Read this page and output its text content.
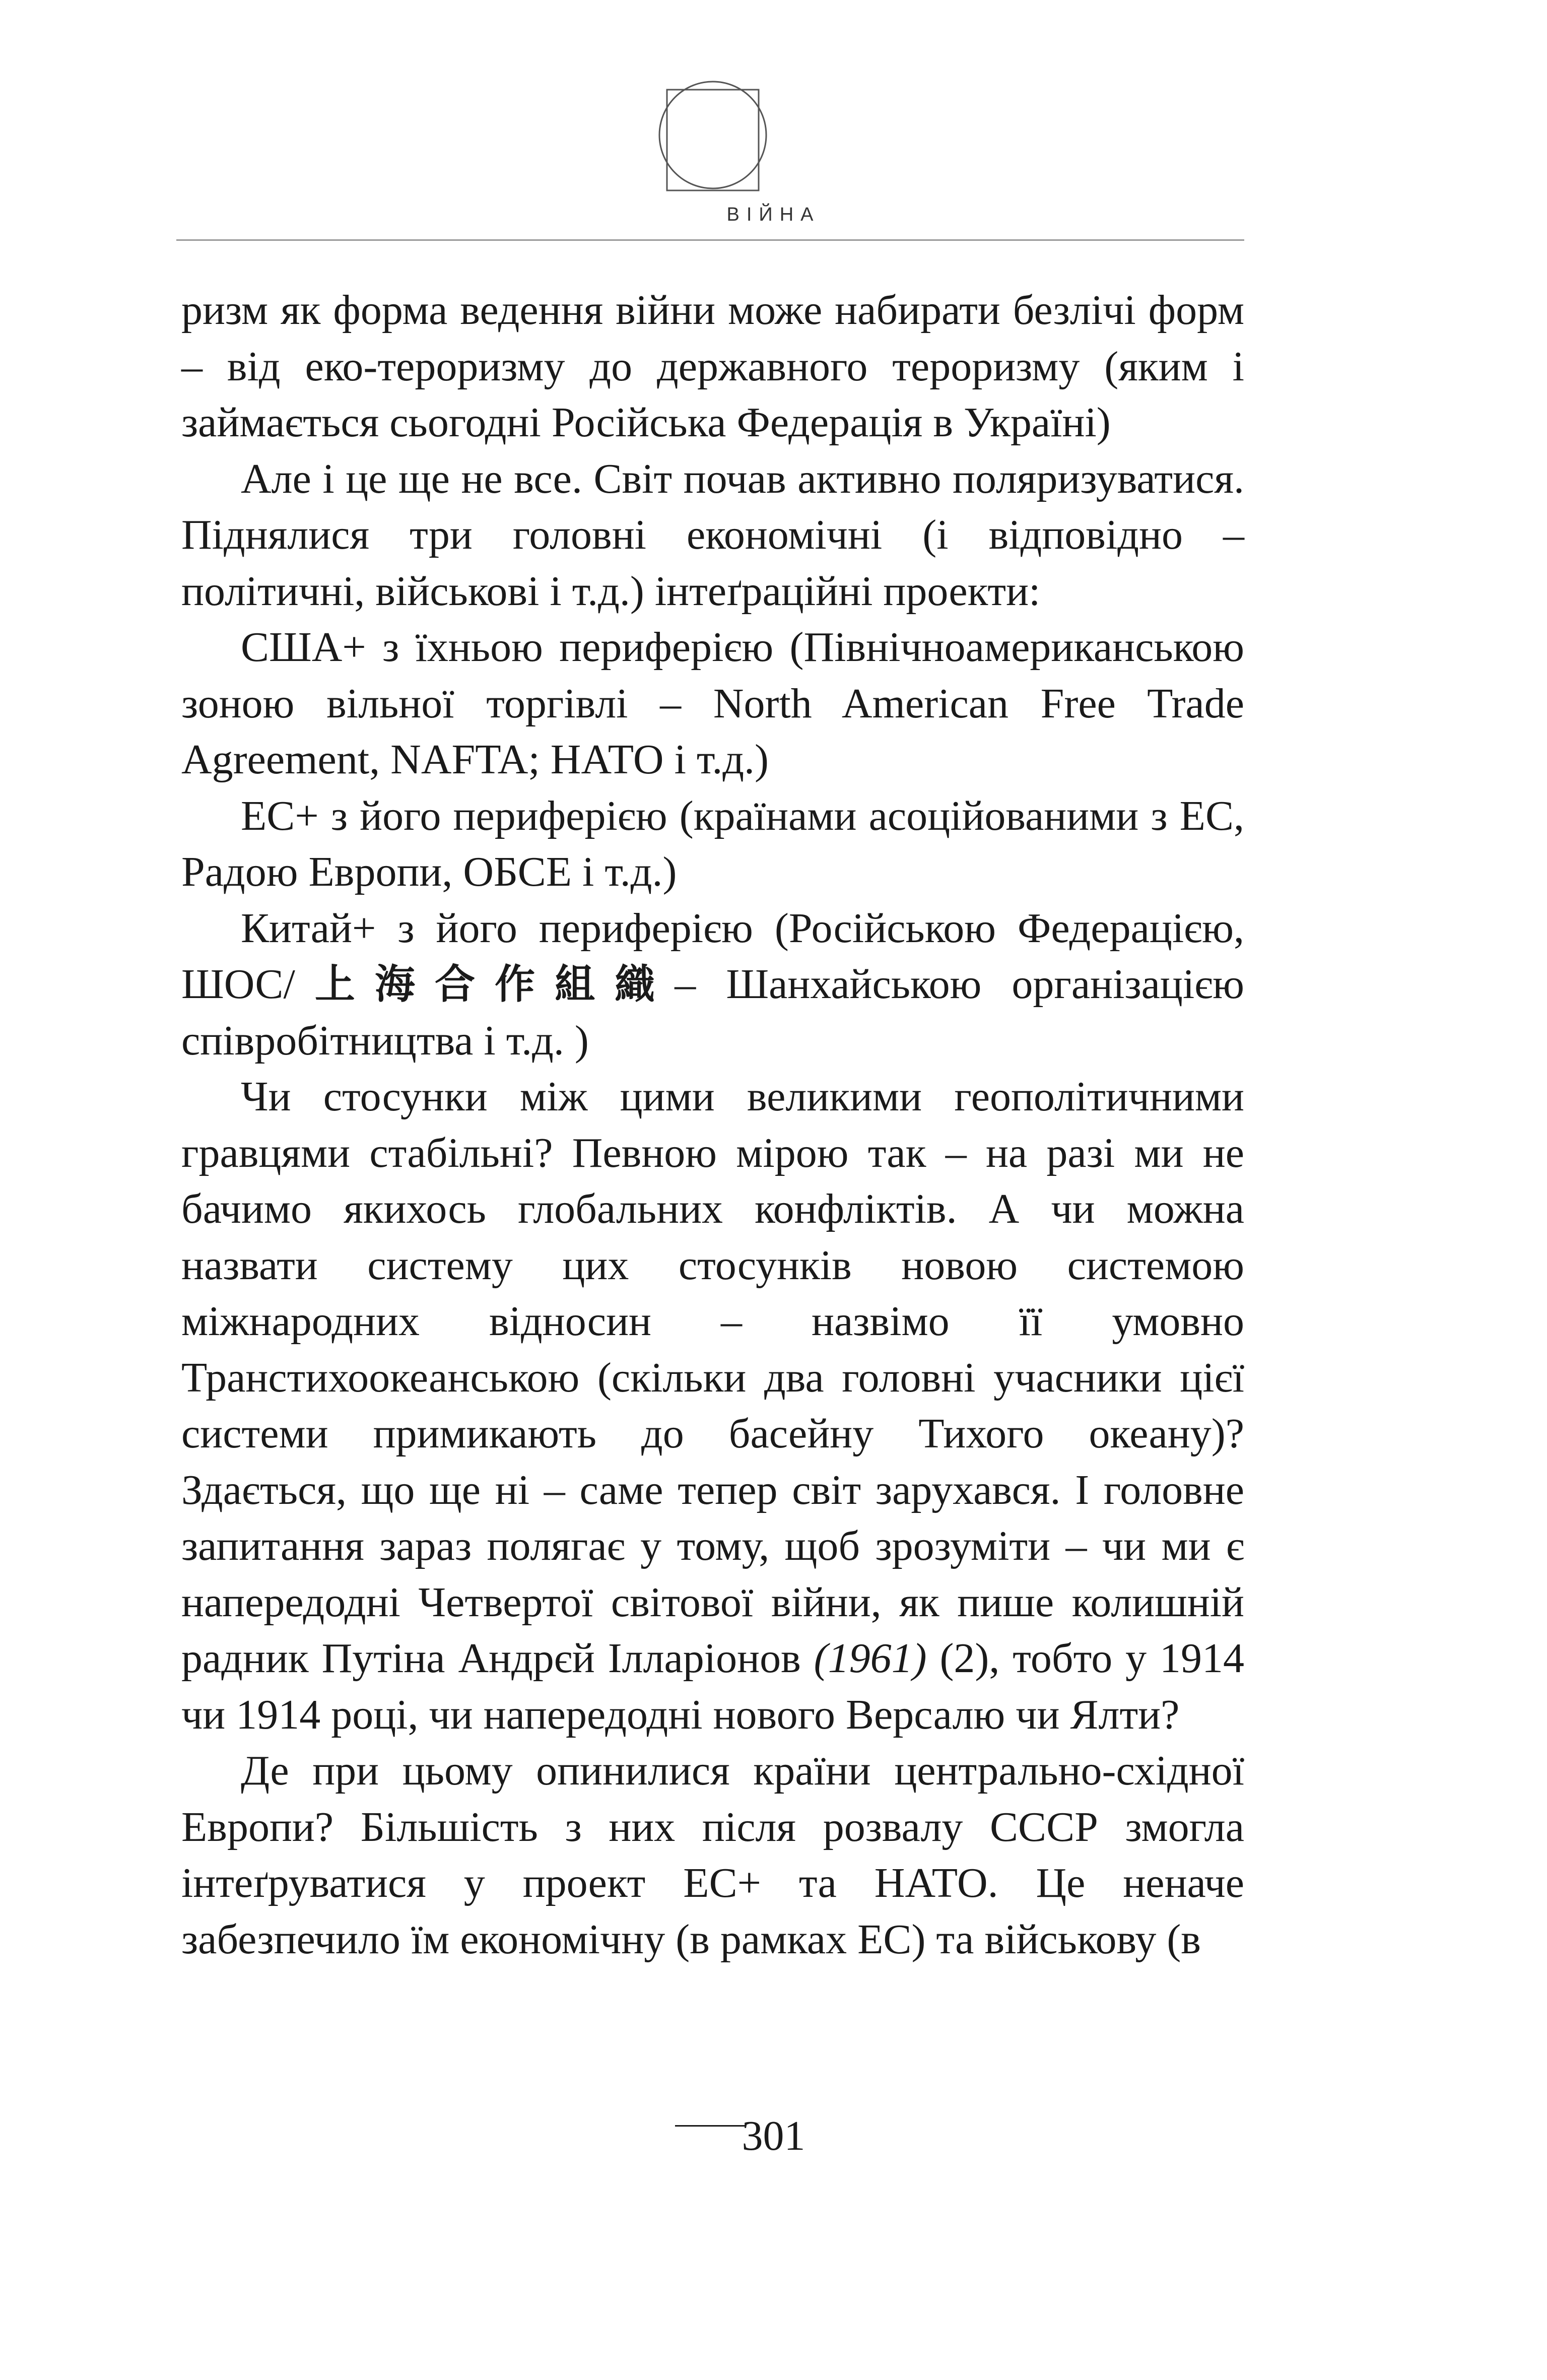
ВІЙНА

ризм як форма ведення війни може набирати безлічі форм – від еко-тероризму до державного тероризму (яким і займається сьогодні Російська Федерація в Україні)

Але і це ще не все. Світ почав активно поляризуватися. Піднялися три головні економічні (і відповідно – політичні, військові і т.д.) інтеґраційні проекти:

США+ з їхньою периферією (Північноамериканською зоною вільної торгівлі – North American Free Trade Agreement, NAFTA; НАТО і т.д.)

ЕС+ з його периферією (країнами асоційованими з ЕС, Радою Европи, ОБСЕ і т.д.)

Китай+ з його периферією (Російською Федерацією, ШОС/上海合作組織– Шанхайською організацією співробітництва і т.д. )

Чи стосунки між цими великими геополітичними гравцями стабільні? Певною мірою так – на разі ми не бачимо якихось глобальних конфліктів. А чи можна назвати систему цих стосунків новою системою міжнародних відносин – назвімо її умовно Транстихоокеанською (скільки два головні учасники цієї системи примикають до басейну Тихого океану)? Здається, що ще ні – саме тепер світ зарухався. І головне запитання зараз полягає у тому, щоб зрозуміти – чи ми є напередодні Четвертої світової війни, як пише колишній радник Путіна Андрєй Ілларіонов (1961) (2), тобто у 1914 чи 1914 році, чи напередодні нового Версалю чи Ялти?

Де при цьому опинилися країни центрально-східної Европи? Більшість з них після розвалу СССР змогла інтеґруватися у проект ЕС+ та НАТО. Це неначе забезпечило їм економічну (в рамках ЕС) та військову (в

301
